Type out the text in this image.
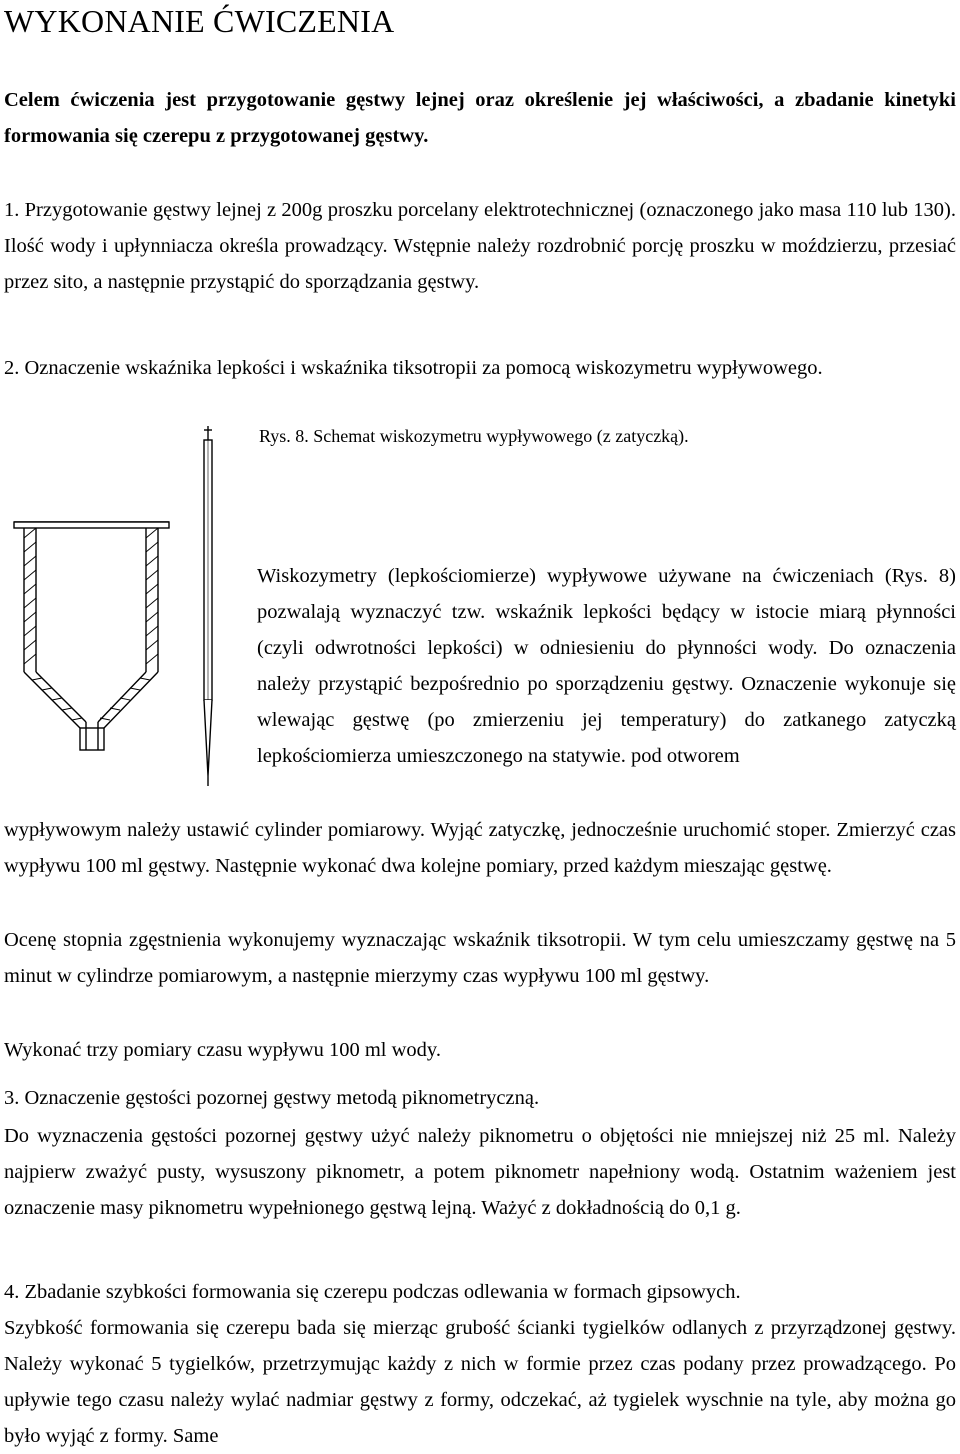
WYKONANIE ĆWICZENIA

Celem ćwiczenia jest przygotowanie gęstwy lejnej oraz określenie jej właściwości, a zbadanie kinetyki formowania się czerepu z przygotowanej gęstwy.

1. Przygotowanie gęstwy lejnej z 200g proszku porcelany elektrotechnicznej (oznaczonego jako masa 110 lub 130). Ilość wody i upłynniacza określa prowadzący. Wstępnie należy rozdrobnić porcję proszku w moździerzu, przesiać przez sito, a następnie przystąpić do sporządzania gęstwy.

2. Oznaczenie wskaźnika lepkości i wskaźnika tiksotropii za pomocą wiskozymetru wypływowego.

Rys. 8. Schemat wiskozymetru wypływowego (z zatyczką).

Wiskozymetry (lepkościomierze) wypływowe używane na ćwiczeniach (Rys. 8) pozwalają wyznaczyć tzw. wskaźnik lepkości będący w istocie miarą płynności (czyli odwrotności lepkości) w odniesieniu do płynności wody. Do oznaczenia należy przystąpić bezpośrednio po sporządzeniu gęstwy. Oznaczenie wykonuje się wlewając gęstwę (po zmierzeniu jej temperatury) do zatkanego zatyczką lepkościomierza umieszczonego na statywie. pod otworem

wypływowym należy ustawić cylinder pomiarowy. Wyjąć zatyczkę, jednocześnie uruchomić stoper. Zmierzyć czas wypływu 100 ml gęstwy. Następnie wykonać dwa kolejne pomiary, przed każdym mieszając gęstwę.

Ocenę stopnia zgęstnienia wykonujemy wyznaczając wskaźnik tiksotropii. W tym celu umieszczamy gęstwę na 5 minut w cylindrze pomiarowym, a następnie mierzymy czas wypływu 100 ml gęstwy.

Wykonać trzy pomiary czasu wypływu 100 ml wody.

3. Oznaczenie gęstości pozornej gęstwy metodą piknometryczną.

Do wyznaczenia gęstości pozornej gęstwy użyć należy piknometru o objętości nie mniejszej niż 25 ml. Należy najpierw zważyć pusty, wysuszony piknometr, a potem piknometr napełniony wodą. Ostatnim ważeniem jest oznaczenie masy piknometru wypełnionego gęstwą lejną. Ważyć z dokładnością do 0,1 g.

4. Zbadanie szybkości formowania się czerepu podczas odlewania w formach gipsowych.

Szybkość formowania się czerepu bada się mierząc grubość ścianki tygielków odlanych z przyrządzonej gęstwy. Należy wykonać 5 tygielków, przetrzymując każdy z nich w formie przez czas podany przez prowadzącego. Po upływie tego czasu należy wylać nadmiar gęstwy z formy, odczekać, aż tygielek wyschnie na tyle, aby można go było wyjąć z formy. Same
